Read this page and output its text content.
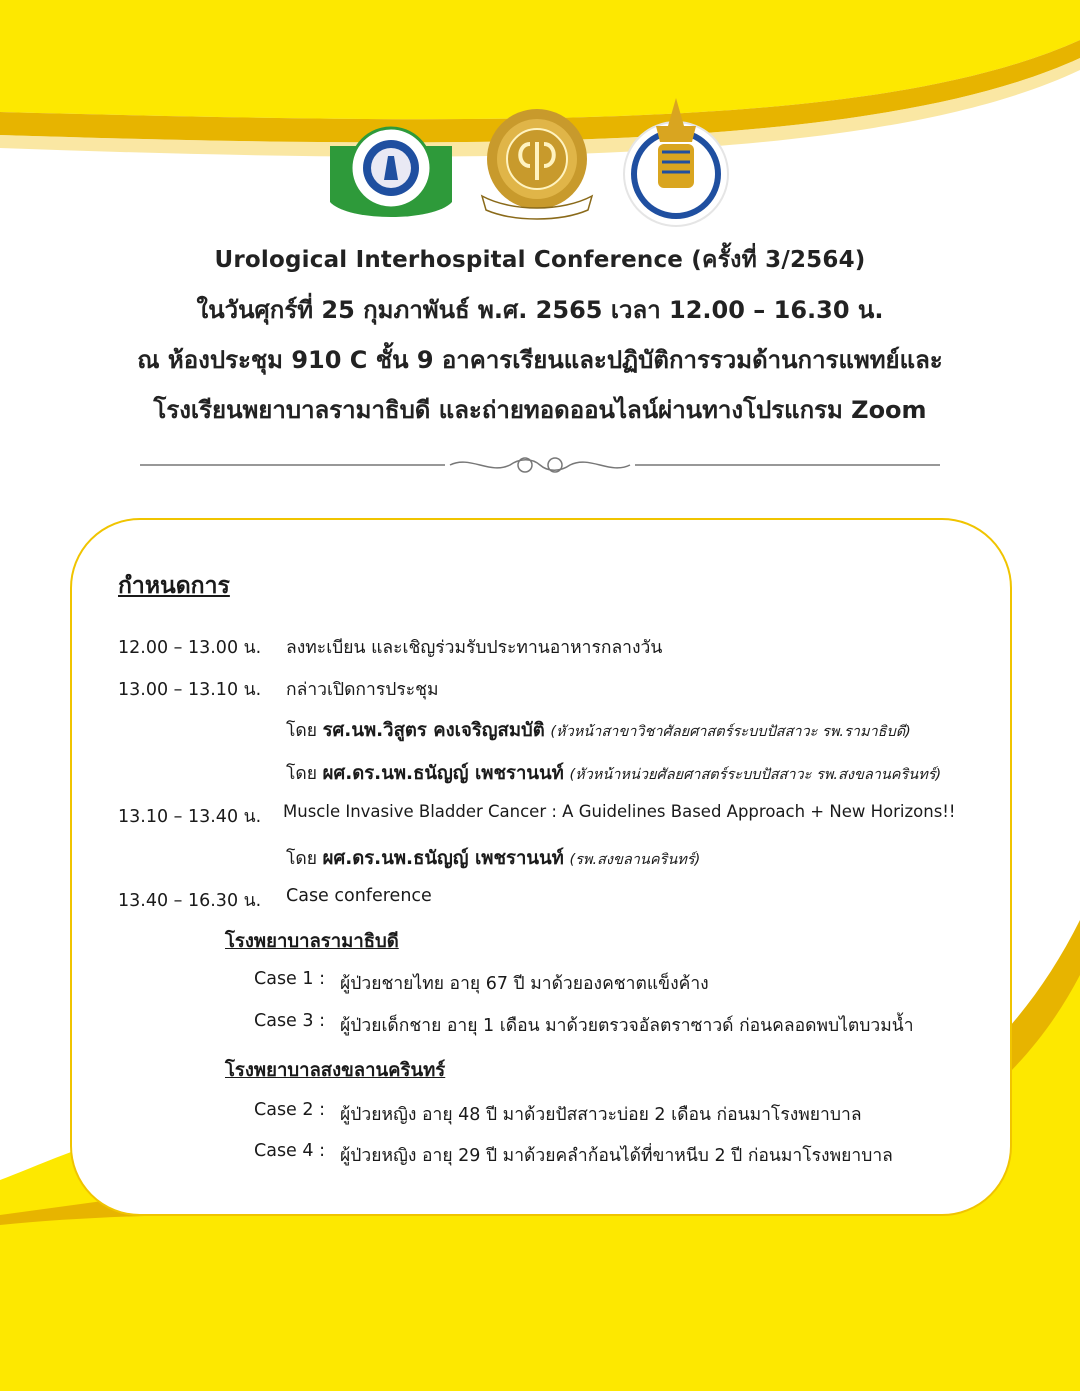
Urological Interhospital Conference (ครั้งที่ 3/2564)
ในวันศุกร์ที่ 25 กุมภาพันธ์ พ.ศ. 2565 เวลา 12.00 – 16.30 น.
ณ ห้องประชุม 910 C ชั้น 9 อาคารเรียนและปฏิบัติการรวมด้านการแพทย์และ
โรงเรียนพยาบาลรามาธิบดี และถ่ายทอดออนไลน์ผ่านทางโปรแกรม Zoom
กำหนดการ
12.00 – 13.00 น. ลงทะเบียน และเชิญร่วมรับประทานอาหารกลางวัน
13.00 – 13.10 น. กล่าวเปิดการประชุม
โดย รศ.นพ.วิสูตร คงเจริญสมบัติ (หัวหน้าสาขาวิชาศัลยศาสตร์ระบบปัสสาวะ รพ.รามาธิบดี)
โดย ผศ.ดร.นพ.ธนัญญ์ เพชรานนท์ (หัวหน้าหน่วยศัลยศาสตร์ระบบปัสสาวะ รพ.สงขลานครินทร์)
13.10 – 13.40 น. Muscle Invasive Bladder Cancer : A Guidelines Based Approach + New Horizons!!
โดย ผศ.ดร.นพ.ธนัญญ์ เพชรานนท์ (รพ.สงขลานครินทร์)
13.40 – 16.30 น. Case conference
โรงพยาบาลรามาธิบดี
Case 1 : ผู้ป่วยชายไทย อายุ 67 ปี มาด้วยองคชาตแข็งค้าง
Case 3 : ผู้ป่วยเด็กชาย อายุ 1 เดือน มาด้วยตรวจอัลตราซาวด์ ก่อนคลอดพบไตบวมน้ำ
โรงพยาบาลสงขลานครินทร์
Case 2 : ผู้ป่วยหญิง อายุ 48 ปี มาด้วยปัสสาวะบ่อย 2 เดือน ก่อนมาโรงพยาบาล
Case 4 : ผู้ป่วยหญิง อายุ 29 ปี มาด้วยคลำก้อนได้ที่ขาหนีบ 2 ปี ก่อนมาโรงพยาบาล
